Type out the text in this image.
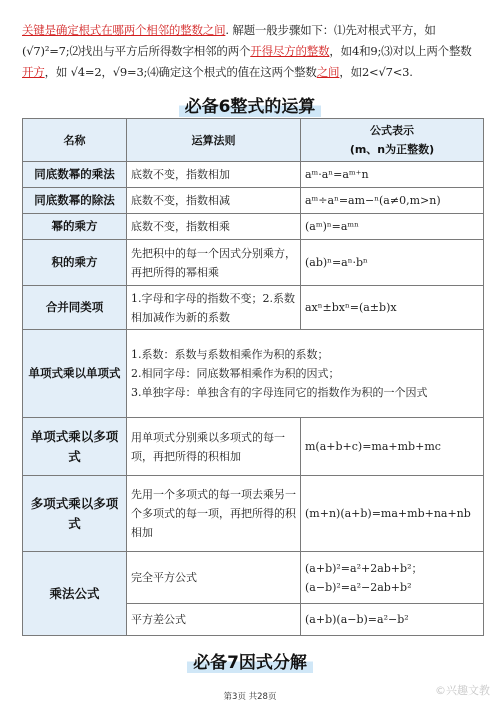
关键是确定根式在哪两个相邻的整数之间. 解题一般步骤如下：⑴先对根式平方，如(√7)²=7;⑵找出与平方后所得数字相邻的两个开得尽方的整数，如4和9;⑶对以上两个整数开方，如 √4=2，√9=3;⑷确定这个根式的值在这两个整数之间，如2<√7<3.
必备6整式的运算
名称	运算法则	公式表示
(m、n为正整数)

同底数幂的乘法	底数不变，指数相加	aᵐ·aⁿ=aᵐ⁺n
同底数幂的除法	底数不变，指数相减	aᵐ÷aⁿ=am−ⁿ(a≠0,m>n)
幂的乘方	底数不变，指数相乘	(aᵐ)ⁿ=aᵐⁿ
积的乘方	先把积中的每一个因式分别乘方，再把所得的幂相乘	(ab)ⁿ=aⁿ·bⁿ
合并同类项	1.字母和字母的指数不变；2.系数相加减作为新的系数	axⁿ±bxⁿ=(a±b)x
单项式乘以单项式	1.系数：系数与系数相乘作为积的系数；
2.相同字母：同底数幂相乘作为积的因式；
3.单独字母：单独含有的字母连同它的指数作为积的一个因式	

单项式乘以多项式	用单项式分别乘以多项式的每一项，再把所得的积相加	m(a+b+c)=ma+mb+mc
多项式乘以多项式	先用一个多项式的每一项去乘另一个多项式的每一项，再把所得的积相加	(m+n)(a+b)=ma+mb+na+nb
乘法公式	完全平方公式	(a+b)²=a²+2ab+b²；(a−b)²=a²−2ab+b²
	平方差公式	(a+b)(a−b)=a²−b²
必备7因式分解
第3页 共28页	©兴趣文教
